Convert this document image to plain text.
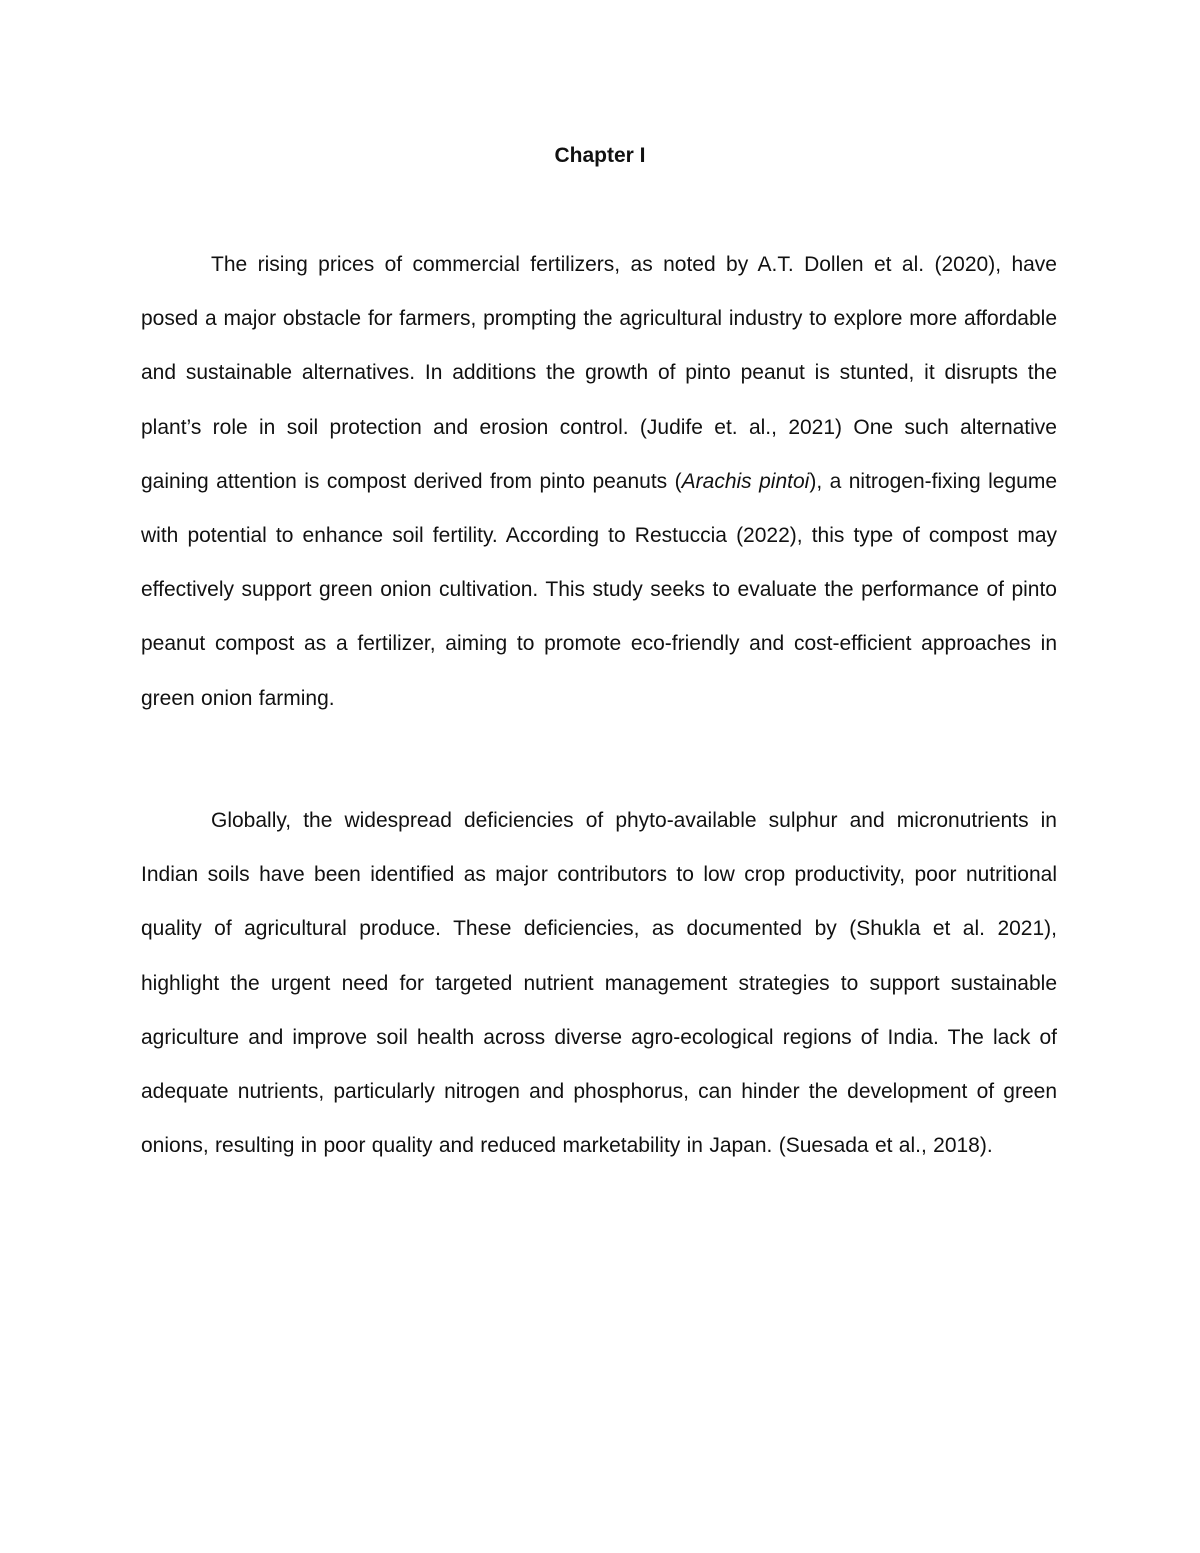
Chapter I

The rising prices of commercial fertilizers, as noted by A.T. Dollen et al. (2020), have posed a major obstacle for farmers, prompting the agricultural industry to explore more affordable and sustainable alternatives. In additions the growth of pinto peanut is stunted, it disrupts the plant’s role in soil protection and erosion control. (Judife et. al., 2021) One such alternative gaining attention is compost derived from pinto peanuts (Arachis pintoi), a nitrogen-fixing legume with potential to enhance soil fertility. According to Restuccia (2022), this type of compost may effectively support green onion cultivation. This study seeks to evaluate the performance of pinto peanut compost as a fertilizer, aiming to promote eco-friendly and cost-efficient approaches in green onion farming.

Globally, the widespread deficiencies of phyto-available sulphur and micronutrients in Indian soils have been identified as major contributors to low crop productivity, poor nutritional quality of agricultural produce. These deficiencies, as documented by (Shukla et al. 2021), highlight the urgent need for targeted nutrient management strategies to support sustainable agriculture and improve soil health across diverse agro-ecological regions of India. The lack of adequate nutrients, particularly nitrogen and phosphorus, can hinder the development of green onions, resulting in poor quality and reduced marketability in Japan. (Suesada et al., 2018).
